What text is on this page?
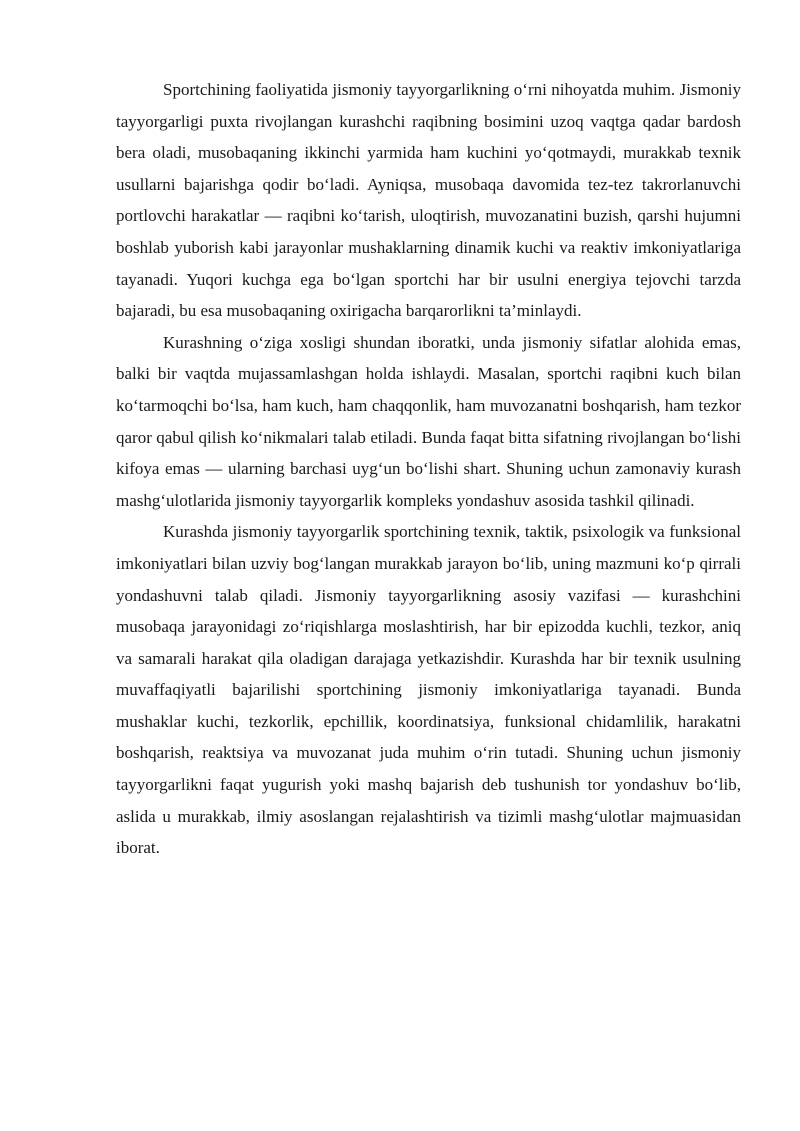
Sportchining faoliyatida jismoniy tayyorgarlikning o‘rni nihoyatda muhim. Jismoniy tayyorgarligi puxta rivojlangan kurashchi raqibning bosimini uzoq vaqtga qadar bardosh bera oladi, musobaqaning ikkinchi yarmida ham kuchini yo‘qotmaydi, murakkab texnik usullarni bajarishga qodir bo‘ladi. Ayniqsa, musobaqa davomida tez-tez takrorlanuvchi portlovchi harakatlar — raqibni ko‘tarish, uloqtirish, muvozanatini buzish, qarshi hujumni boshlab yuborish kabi jarayonlar mushaklarning dinamik kuchi va reaktiv imkoniyatlariga tayanadi. Yuqori kuchga ega bo‘lgan sportchi har bir usulni energiya tejovchi tarzda bajaradi, bu esa musobaqaning oxirigacha barqarorlikni ta’minlaydi.

Kurashning o‘ziga xosligi shundan iboratki, unda jismoniy sifatlar alohida emas, balki bir vaqtda mujassamlashgan holda ishlaydi. Masalan, sportchi raqibni kuch bilan ko‘tarmoqchi bo‘lsa, ham kuch, ham chaqqonlik, ham muvozanatni boshqarish, ham tezkor qaror qabul qilish ko‘nikmalari talab etiladi. Bunda faqat bitta sifatning rivojlangan bo‘lishi kifoya emas — ularning barchasi uyg‘un bo‘lishi shart. Shuning uchun zamonaviy kurash mashg‘ulotlarida jismoniy tayyorgarlik kompleks yondashuv asosida tashkil qilinadi.

Kurashda jismoniy tayyorgarlik sportchining texnik, taktik, psixologik va funksional imkoniyatlari bilan uzviy bog‘langan murakkab jarayon bo‘lib, uning mazmuni ko‘p qirrali yondashuvni talab qiladi. Jismoniy tayyorgarlikning asosiy vazifasi — kurashchini musobaqa jarayonidagi zo‘riqishlarga moslashtirish, har bir epizodda kuchli, tezkor, aniq va samarali harakat qila oladigan darajaga yetkazishdir. Kurashda har bir texnik usulning muvaffaqiyatli bajarilishi sportchining jismoniy imkoniyatlariga tayanadi. Bunda mushaklar kuchi, tezkorlik, epchillik, koordinatsiya, funksional chidamlilik, harakatni boshqarish, reaktsiya va muvozanat juda muhim o‘rin tutadi. Shuning uchun jismoniy tayyorgarlikni faqat yugurish yoki mashq bajarish deb tushunish tor yondashuv bo‘lib, aslida u murakkab, ilmiy asoslangan rejalashtirish va tizimli mashg‘ulotlar majmuasidan iborat.
